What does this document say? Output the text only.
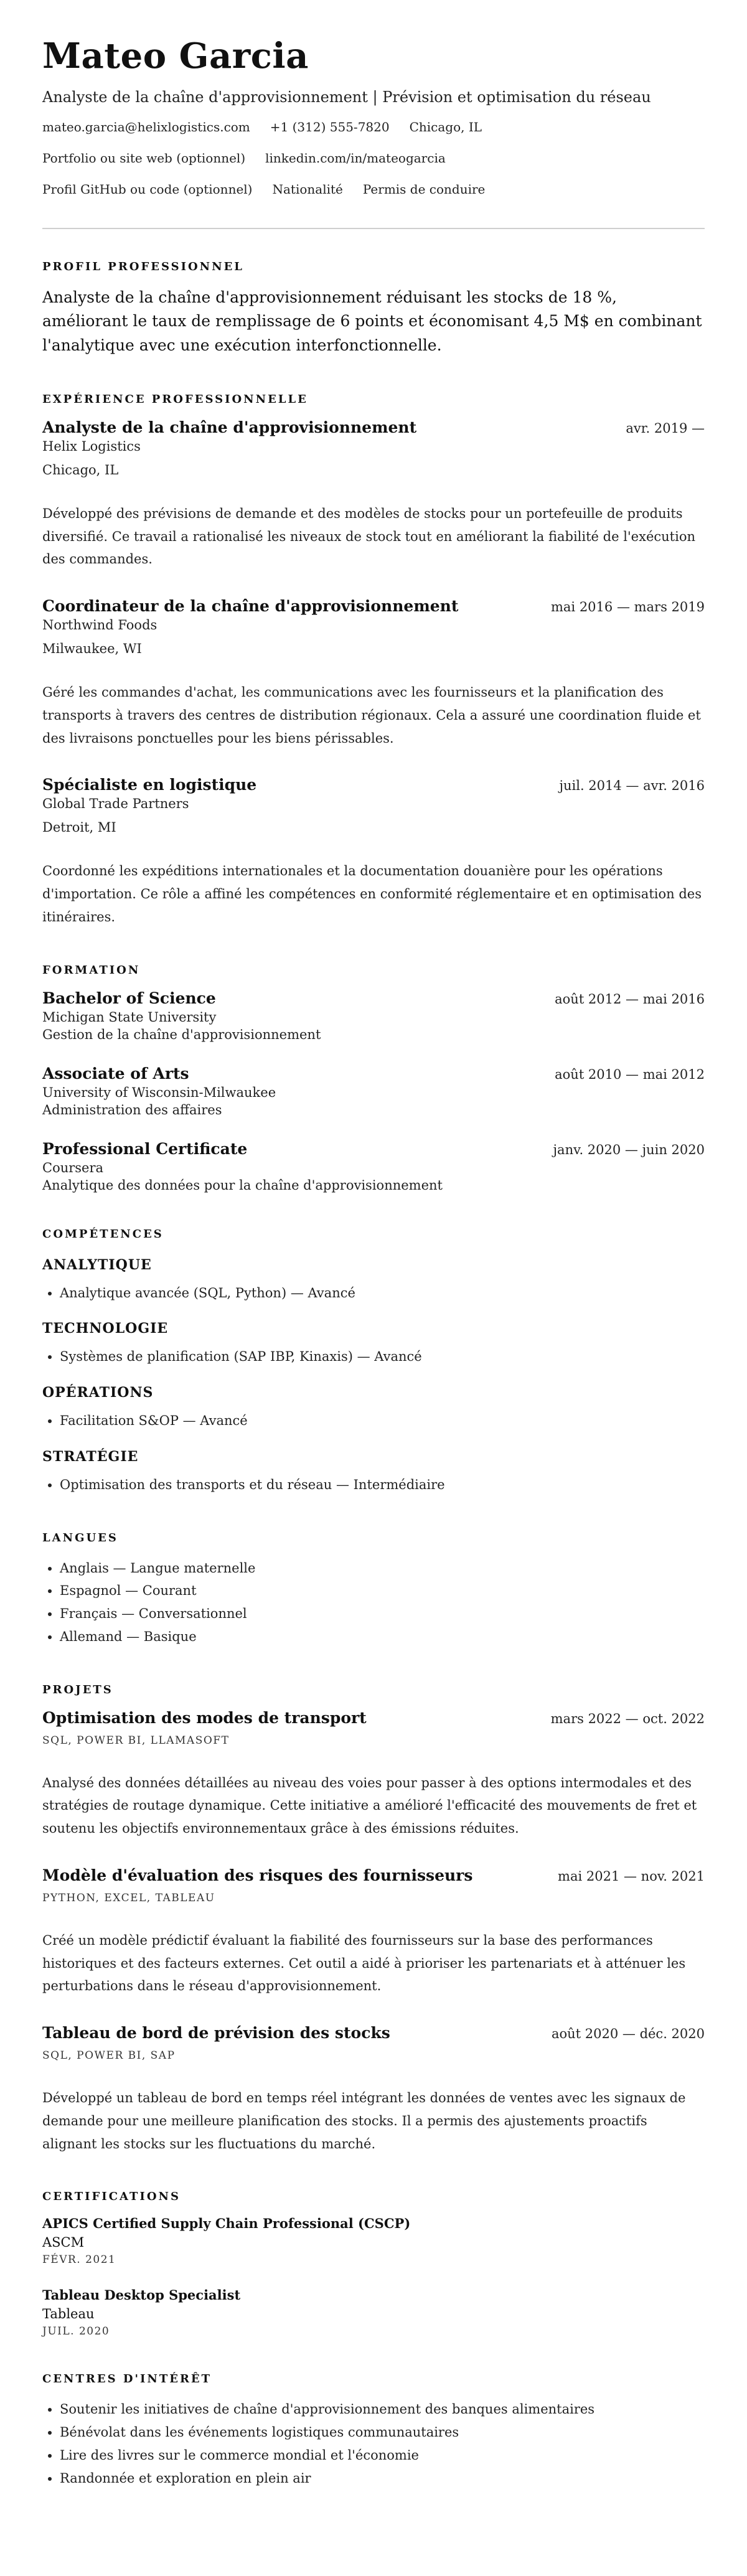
Mateo Garcia
Analyste de la chaîne d'approvisionnement | Prévision et optimisation du réseau
mateo.garcia@helixlogistics.com +1 (312) 555-7820 Chicago, IL
Portfolio ou site web (optionnel) linkedin.com/in/mateogarcia
Profil GitHub ou code (optionnel) Nationalité Permis de conduire
PROFIL PROFESSIONNEL
Analyste de la chaîne d'approvisionnement réduisant les stocks de 18 %, améliorant le taux de remplissage de 6 points et économisant 4,5 M$ en combinant l'analytique avec une exécution interfonctionnelle.
EXPÉRIENCE PROFESSIONNELLE
Analyste de la chaîne d'approvisionnement	avr. 2019 —
Helix Logistics
Chicago, IL
Développé des prévisions de demande et des modèles de stocks pour un portefeuille de produits diversifié. Ce travail a rationalisé les niveaux de stock tout en améliorant la fiabilité de l'exécution des commandes.
Coordinateur de la chaîne d'approvisionnement	mai 2016 — mars 2019
Northwind Foods
Milwaukee, WI
Géré les commandes d'achat, les communications avec les fournisseurs et la planification des transports à travers des centres de distribution régionaux. Cela a assuré une coordination fluide et des livraisons ponctuelles pour les biens périssables.
Spécialiste en logistique	juil. 2014 — avr. 2016
Global Trade Partners
Detroit, MI
Coordonné les expéditions internationales et la documentation douanière pour les opérations d'importation. Ce rôle a affiné les compétences en conformité réglementaire et en optimisation des itinéraires.
FORMATION
Bachelor of Science	août 2012 — mai 2016
Michigan State University
Gestion de la chaîne d'approvisionnement
Associate of Arts	août 2010 — mai 2012
University of Wisconsin-Milwaukee
Administration des affaires
Professional Certificate	janv. 2020 — juin 2020
Coursera
Analytique des données pour la chaîne d'approvisionnement
COMPÉTENCES
ANALYTIQUE
• Analytique avancée (SQL, Python) — Avancé
TECHNOLOGIE
• Systèmes de planification (SAP IBP, Kinaxis) — Avancé
OPÉRATIONS
• Facilitation S&OP — Avancé
STRATÉGIE
• Optimisation des transports et du réseau — Intermédiaire
LANGUES
• Anglais — Langue maternelle
• Espagnol — Courant
• Français — Conversationnel
• Allemand — Basique
PROJETS
Optimisation des modes de transport	mars 2022 — oct. 2022
SQL, POWER BI, LLAMASOFT
Analysé des données détaillées au niveau des voies pour passer à des options intermodales et des stratégies de routage dynamique. Cette initiative a amélioré l'efficacité des mouvements de fret et soutenu les objectifs environnementaux grâce à des émissions réduites.
Modèle d'évaluation des risques des fournisseurs	mai 2021 — nov. 2021
PYTHON, EXCEL, TABLEAU
Créé un modèle prédictif évaluant la fiabilité des fournisseurs sur la base des performances historiques et des facteurs externes. Cet outil a aidé à prioriser les partenariats et à atténuer les perturbations dans le réseau d'approvisionnement.
Tableau de bord de prévision des stocks	août 2020 — déc. 2020
SQL, POWER BI, SAP
Développé un tableau de bord en temps réel intégrant les données de ventes avec les signaux de demande pour une meilleure planification des stocks. Il a permis des ajustements proactifs alignant les stocks sur les fluctuations du marché.
CERTIFICATIONS
APICS Certified Supply Chain Professional (CSCP)
ASCM
FÉVR. 2021
Tableau Desktop Specialist
Tableau
JUIL. 2020
CENTRES D'INTÉRÊT
• Soutenir les initiatives de chaîne d'approvisionnement des banques alimentaires
• Bénévolat dans les événements logistiques communautaires
• Lire des livres sur le commerce mondial et l'économie
• Randonnée et exploration en plein air
